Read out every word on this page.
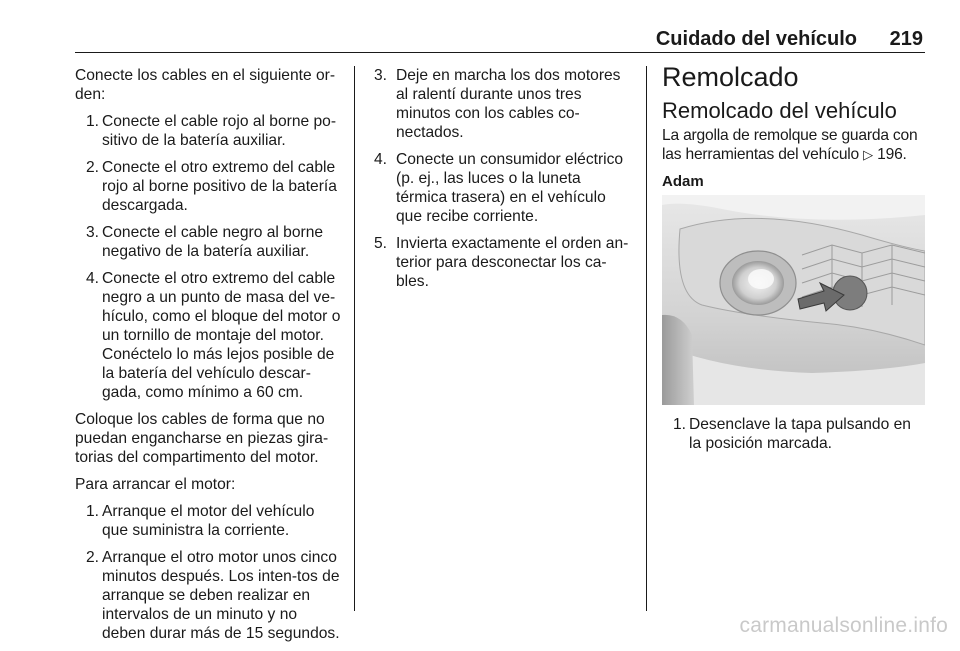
Cuidado del vehículo 219

Conecte los cables en el siguiente or-den:

1. Conecte el cable rojo al borne po-sitivo de la batería auxiliar.
2. Conecte el otro extremo del cable rojo al borne positivo de la batería descargada.
3. Conecte el cable negro al borne negativo de la batería auxiliar.
4. Conecte el otro extremo del cable negro a un punto de masa del ve-hículo, como el bloque del motor o un tornillo de montaje del motor. Conéctelo lo más lejos posible de la batería del vehículo descar-gada, como mínimo a 60 cm.

Coloque los cables de forma que no puedan engancharse en piezas gira-torias del compartimento del motor.

Para arrancar el motor:

1. Arranque el motor del vehículo que suministra la corriente.
2. Arranque el otro motor unos cinco minutos después. Los inten-tos de arranque se deben realizar en intervalos de un minuto y no deben durar más de 15 segundos.
3. Deje en marcha los dos motores al ralentí durante unos tres minutos con los cables co-nectados.
4. Conecte un consumidor eléctrico (p. ej., las luces o la luneta térmica trasera) en el vehículo que recibe corriente.
5. Invierta exactamente el orden an-terior para desconectar los ca-bles.
Remolcado
Remolcado del vehículo

La argolla de remolque se guarda con las herramientas del vehículo ▷ 196.

Adam
1. Desenclave la tapa pulsando en la posición marcada.
carmanualsonline.info
